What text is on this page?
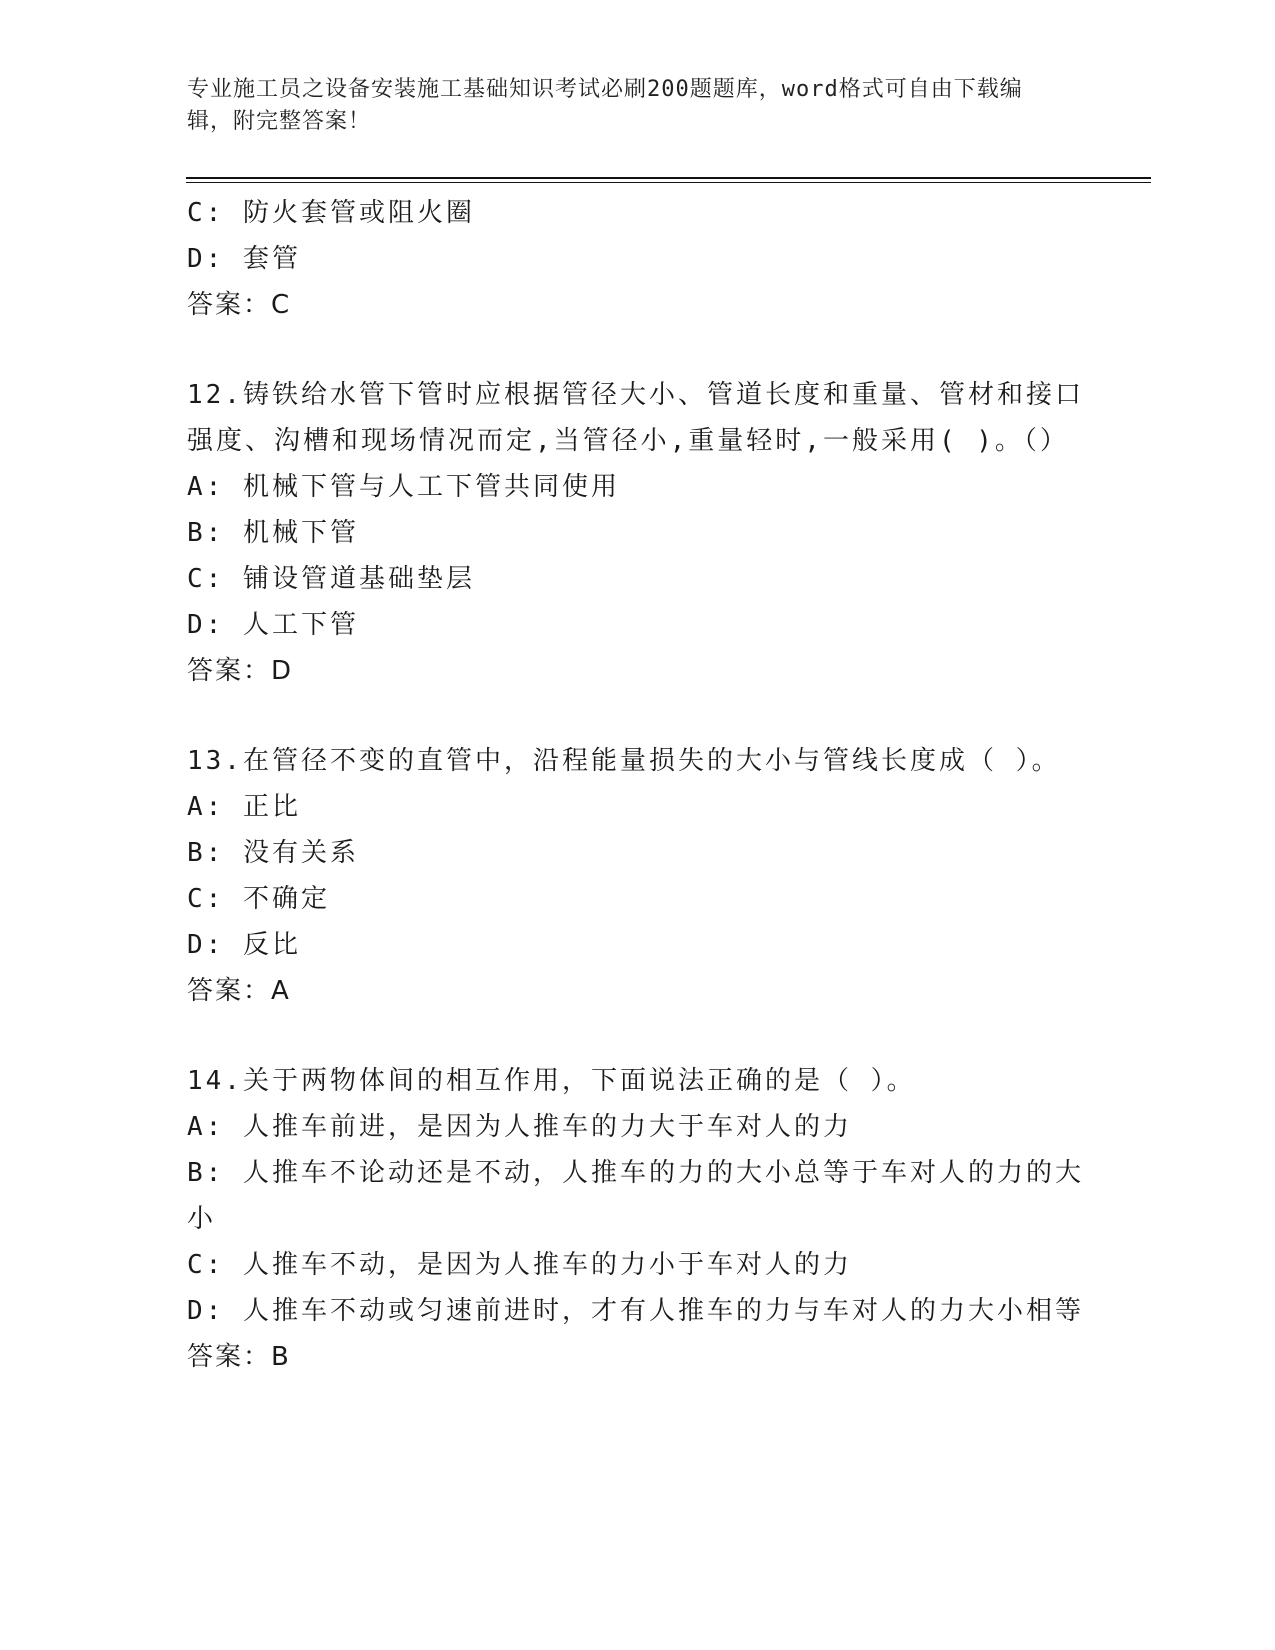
专业施工员之设备安装施工基础知识考试必刷200题题库，word格式可自由下载编辑，附完整答案！
C: 防火套管或阻火圈
D: 套管
答案：C
12.铸铁给水管下管时应根据管径大小、管道长度和重量、管材和接口强度、沟槽和现场情况而定,当管径小,重量轻时,一般采用( )。（）
A: 机械下管与人工下管共同使用
B: 机械下管
C: 铺设管道基础垫层
D: 人工下管
答案：D
13.在管径不变的直管中，沿程能量损失的大小与管线长度成（ ）。
A: 正比
B: 没有关系
C: 不确定
D: 反比
答案：A
14.关于两物体间的相互作用，下面说法正确的是（ ）。
A: 人推车前进，是因为人推车的力大于车对人的力
B: 人推车不论动还是不动，人推车的力的大小总等于车对人的力的大小
C: 人推车不动，是因为人推车的力小于车对人的力
D: 人推车不动或匀速前进时，才有人推车的力与车对人的力大小相等
答案：B
